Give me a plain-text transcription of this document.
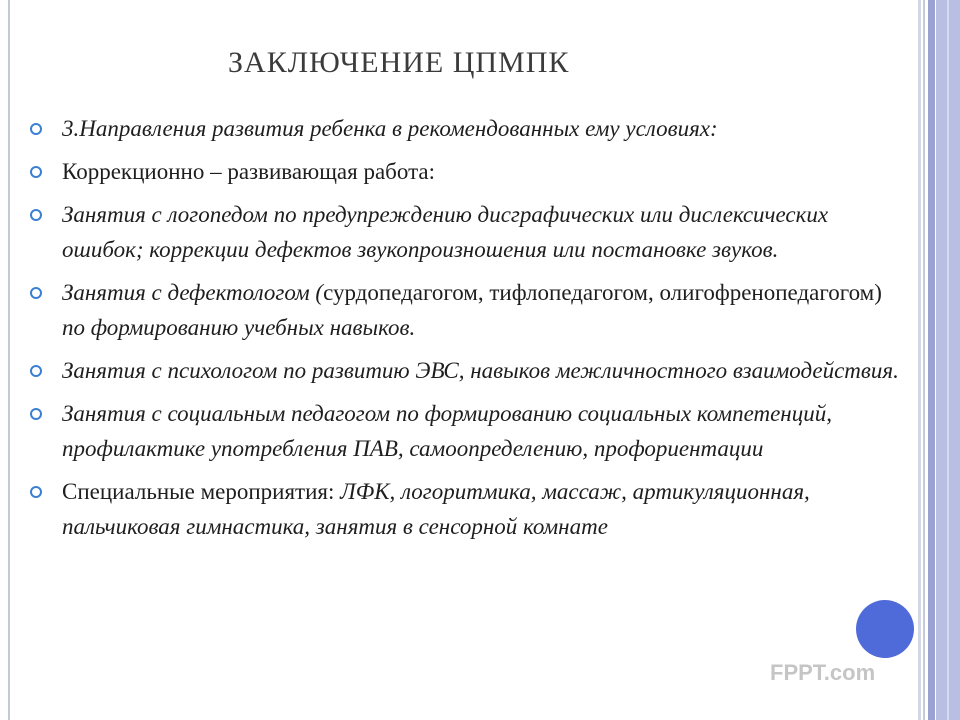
ЗАКЛЮЧЕНИЕ ЦПМПК
3.Направления развития ребенка в рекомендованных ему условиях:
Коррекционно – развивающая работа:
Занятия с логопедом по предупреждению дисграфических или дислексических ошибок; коррекции дефектов звукопроизношения или постановке звуков.
Занятия с дефектологом (сурдопедагогом, тифлопедагогом, олигофренопедагогом) по формированию учебных навыков.
Занятия с психологом по развитию ЭВС, навыков межличностного взаимодействия.
Занятия с социальным педагогом по формированию социальных компетенций, профилактике употребления ПАВ, самоопределению, профориентации
Специальные мероприятия: ЛФК, логоритмика, массаж, артикуляционная, пальчиковая гимнастика, занятия в сенсорной комнате
FPPT.com
